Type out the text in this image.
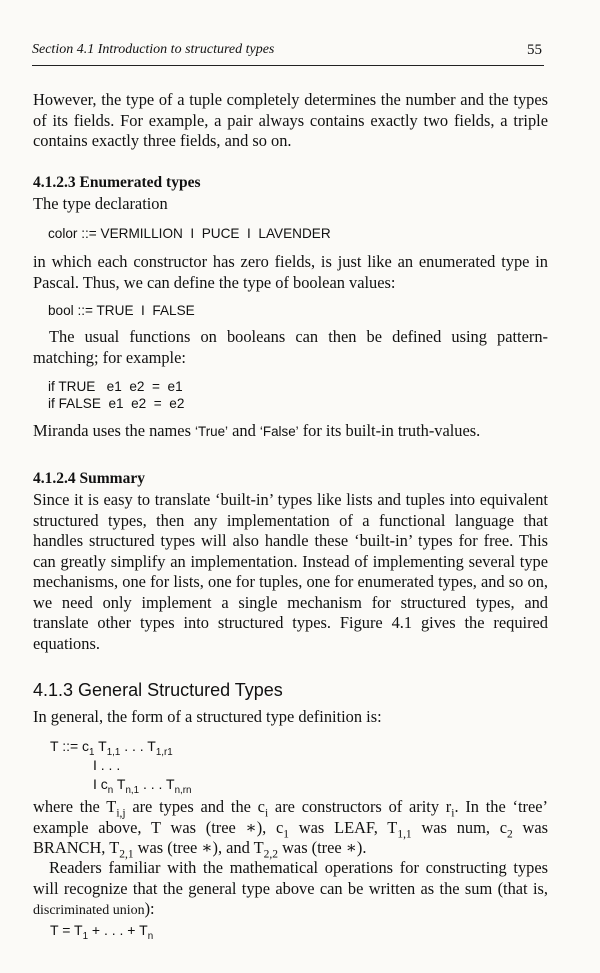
Section 4.1 Introduction to structured types	55
However, the type of a tuple completely determines the number and the types of its fields. For example, a pair always contains exactly two fields, a triple contains exactly three fields, and so on.
4.1.2.3 Enumerated types
The type declaration
color ::= VERMILLION  I  PUCE  I  LAVENDER
in which each constructor has zero fields, is just like an enumerated type in Pascal. Thus, we can define the type of boolean values:
bool ::= TRUE  I  FALSE
The usual functions on booleans can then be defined using pattern-matching; for example:
if TRUE   e1  e2  =  e1
if FALSE  e1  e2  =  e2
Miranda uses the names ‘True’ and ‘False’ for its built-in truth-values.
4.1.2.4 Summary
Since it is easy to translate ‘built-in’ types like lists and tuples into equivalent structured types, then any implementation of a functional language that handles structured types will also handle these ‘built-in’ types for free. This can greatly simplify an implementation. Instead of implementing several type mechanisms, one for lists, one for tuples, one for enumerated types, and so on, we need only implement a single mechanism for structured types, and translate other types into structured types. Figure 4.1 gives the required equations.
4.1.3 General Structured Types
In general, the form of a structured type definition is:
T ::= $c_1$ $T_{1,1}$ . . . $T_{1,r1}$
I . . .
I $c_n$ $T_{n,1}$ . . . $T_{n,rn}$
where the $T_{i,j}$ are types and the $c_i$ are constructors of arity $r_i$. In the ‘tree’ example above, T was (tree ∗), $c_1$ was LEAF, $T_{1,1}$ was num, $c_2$ was BRANCH, $T_{2,1}$ was (tree ∗), and $T_{2,2}$ was (tree ∗).
Readers familiar with the mathematical operations for constructing types will recognize that the general type above can be written as the sum (that is, discriminated union):
$T = T_1$ + . . . + $T_n$
